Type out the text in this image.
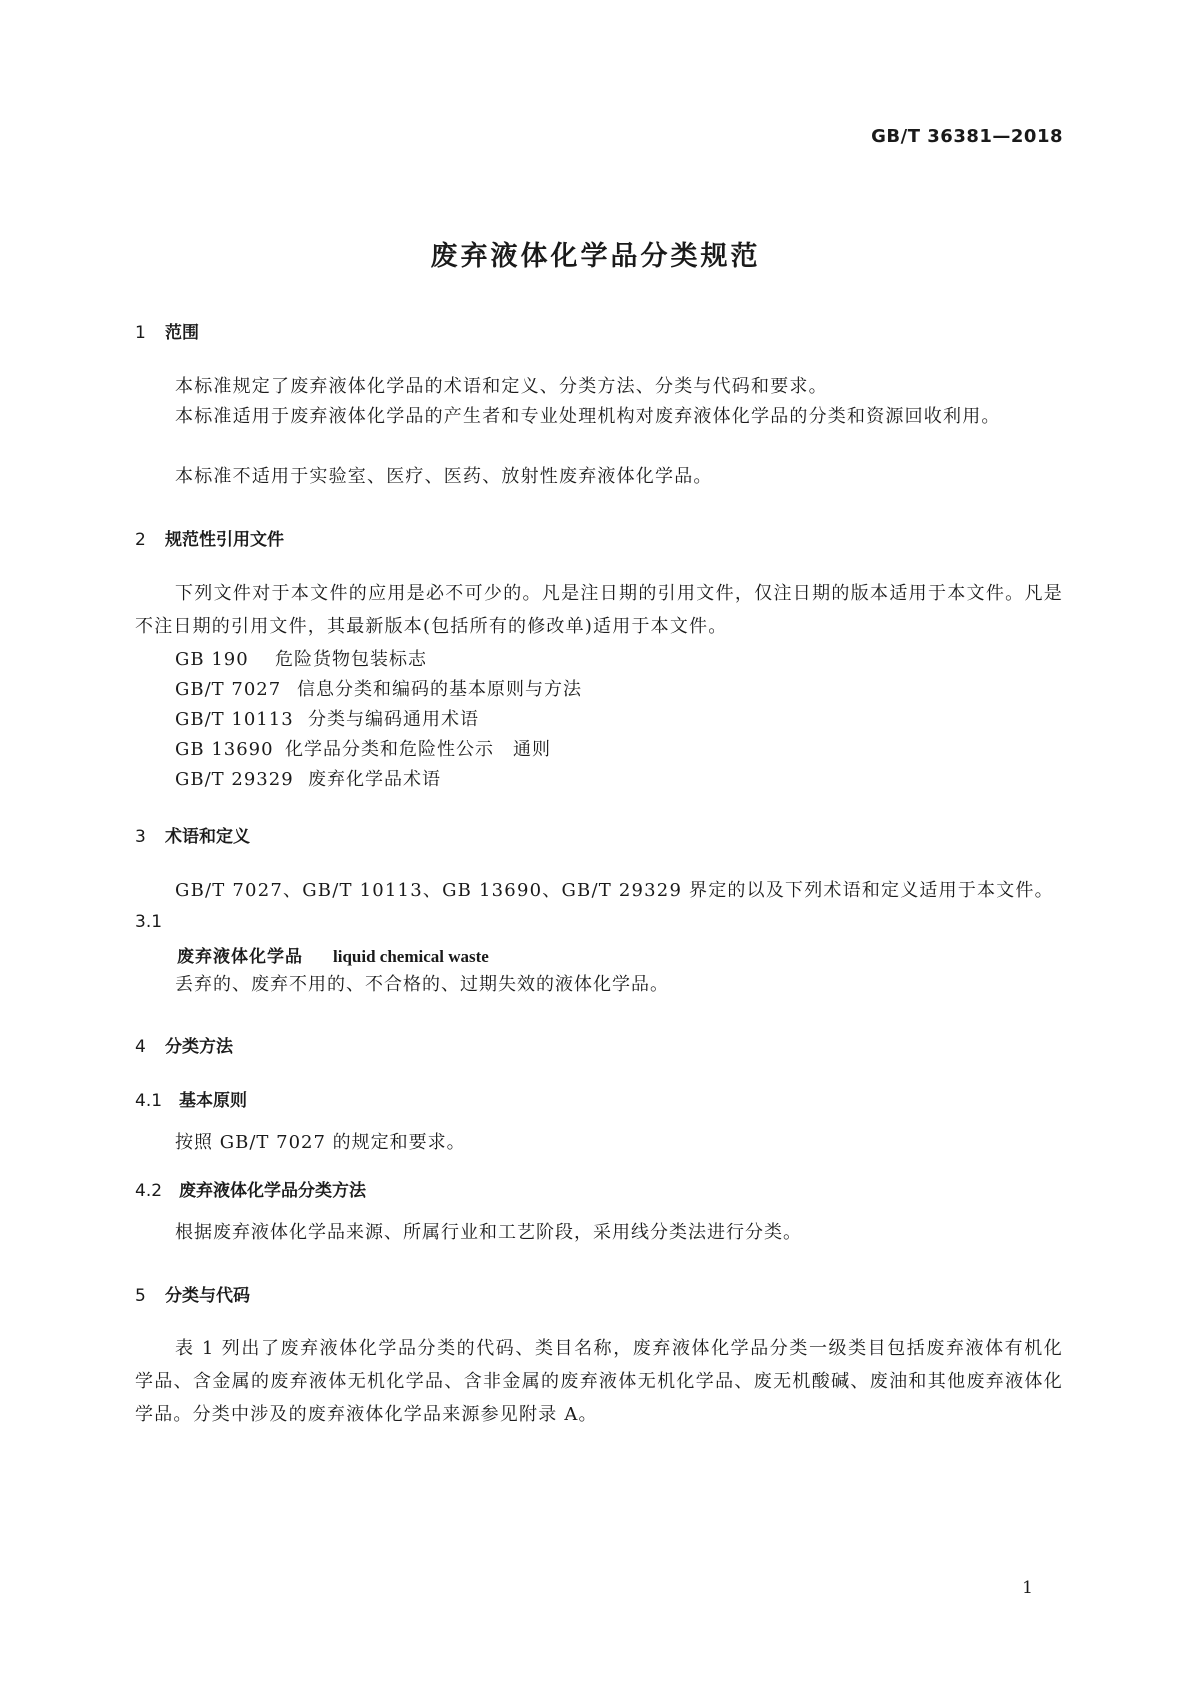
GB/T 36381—2018
废弃液体化学品分类规范
1 范围
本标准规定了废弃液体化学品的术语和定义、分类方法、分类与代码和要求。
本标准适用于废弃液体化学品的产生者和专业处理机构对废弃液体化学品的分类和资源回收利用。
本标准不适用于实验室、医疗、医药、放射性废弃液体化学品。
2 规范性引用文件
下列文件对于本文件的应用是必不可少的。凡是注日期的引用文件，仅注日期的版本适用于本文件。凡是不注日期的引用文件，其最新版本(包括所有的修改单)适用于本文件。
GB 190 危险货物包装标志
GB/T 7027 信息分类和编码的基本原则与方法
GB/T 10113 分类与编码通用术语
GB 13690 化学品分类和危险性公示　通则
GB/T 29329 废弃化学品术语
3 术语和定义
GB/T 7027、GB/T 10113、GB 13690、GB/T 29329 界定的以及下列术语和定义适用于本文件。
3.1
废弃液体化学品 liquid chemical waste
丢弃的、废弃不用的、不合格的、过期失效的液体化学品。
4 分类方法
4.1 基本原则
按照 GB/T 7027 的规定和要求。
4.2 废弃液体化学品分类方法
根据废弃液体化学品来源、所属行业和工艺阶段，采用线分类法进行分类。
5 分类与代码
表 1 列出了废弃液体化学品分类的代码、类目名称，废弃液体化学品分类一级类目包括废弃液体有机化学品、含金属的废弃液体无机化学品、含非金属的废弃液体无机化学品、废无机酸碱、废油和其他废弃液体化学品。分类中涉及的废弃液体化学品来源参见附录 A。
1
